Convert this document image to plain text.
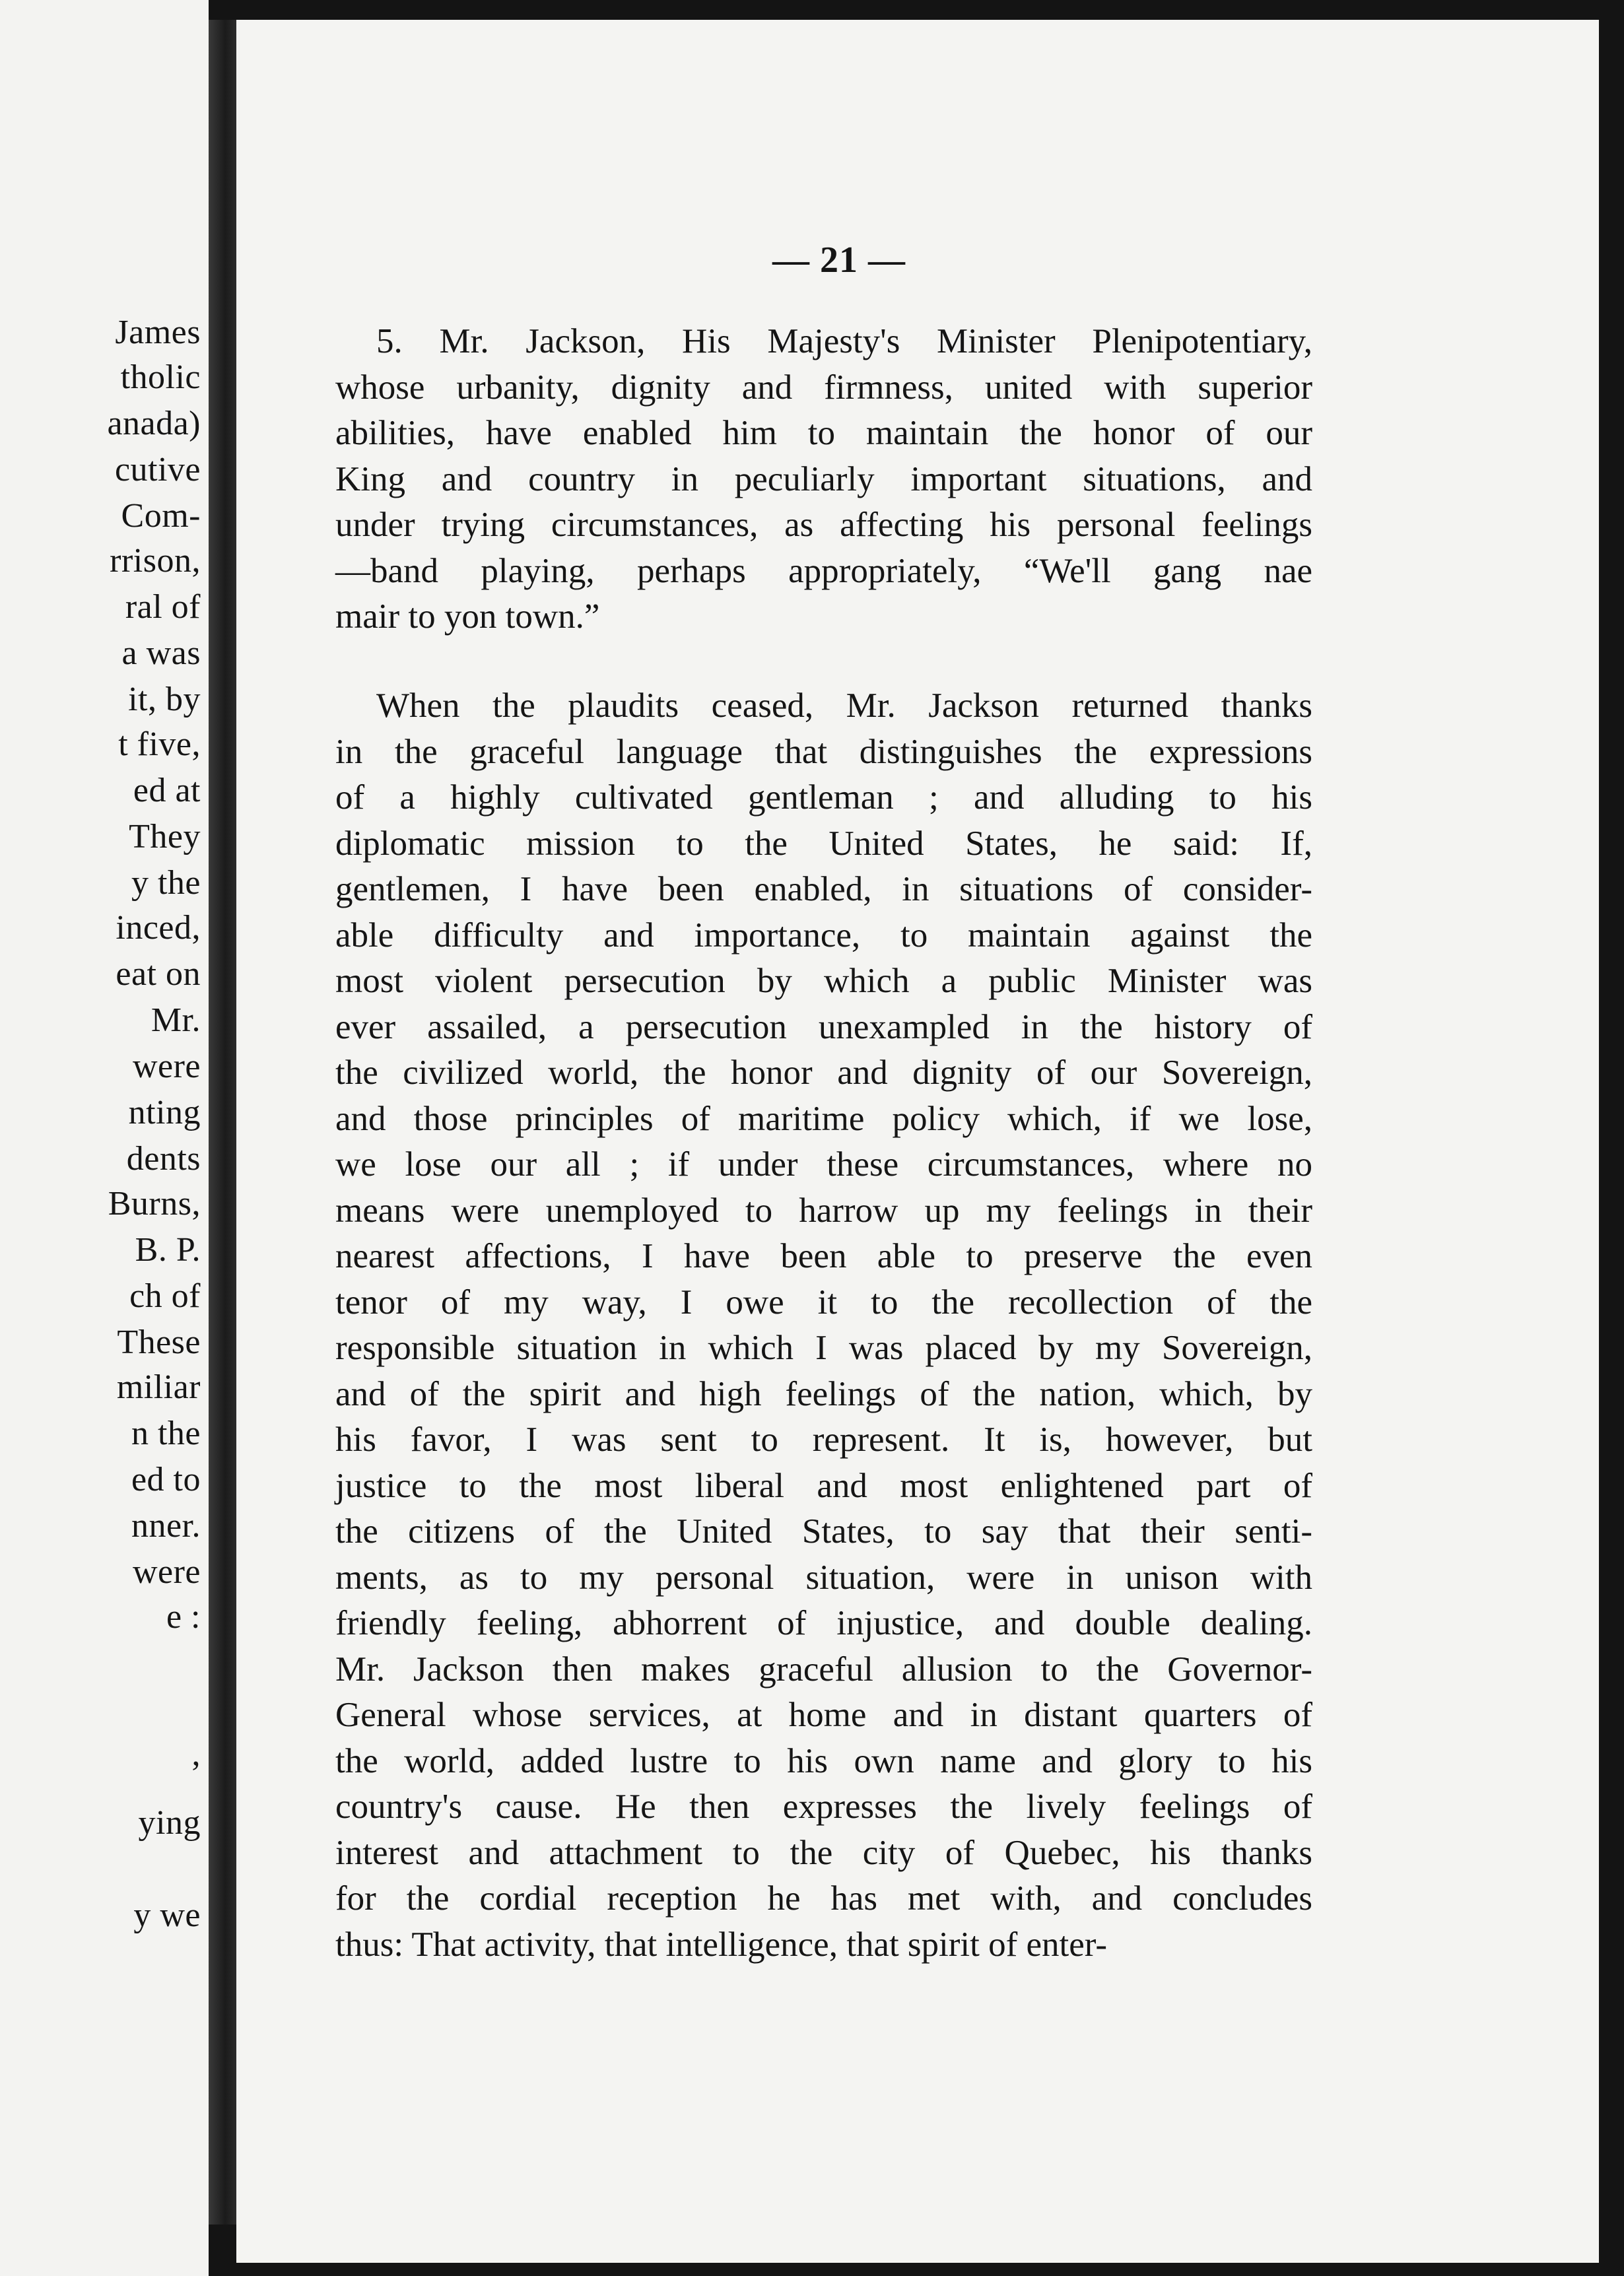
James
tholic
anada)
cutive
Com-
rrison,
ral of
a was
it, by
t five,
ed at
They
y the
inced,
eat on
Mr.
were
nting
dents
Burns,
B. P.
ch of
These
miliar
n the
ed to
nner.
were
e :
,
ying
y we
— 21 —
5. Mr. Jackson, His Majesty's Minister Plenipotentiary,
whose urbanity, dignity and firmness, united with superior
abilities, have enabled him to maintain the honor of our
King and country in peculiarly important situations, and
under trying circumstances, as affecting his personal feelings
—band playing, perhaps appropriately, “We'll gang nae
mair to yon town.”
When the plaudits ceased, Mr. Jackson returned thanks
in the graceful language that distinguishes the expressions
of a highly cultivated gentleman ; and alluding to his
diplomatic mission to the United States, he said: If,
gentlemen, I have been enabled, in situations of consider-
able difficulty and importance, to maintain against the
most violent persecution by which a public Minister was
ever assailed, a persecution unexampled in the history of
the civilized world, the honor and dignity of our Sovereign,
and those principles of maritime policy which, if we lose,
we lose our all ; if under these circumstances, where no
means were unemployed to harrow up my feelings in their
nearest affections, I have been able to preserve the even
tenor of my way, I owe it to the recollection of the
responsible situation in which I was placed by my Sovereign,
and of the spirit and high feelings of the nation, which, by
his favor, I was sent to represent. It is, however, but
justice to the most liberal and most enlightened part of
the citizens of the United States, to say that their senti-
ments, as to my personal situation, were in unison with
friendly feeling, abhorrent of injustice, and double dealing.
Mr. Jackson then makes graceful allusion to the Governor-
General whose services, at home and in distant quarters of
the world, added lustre to his own name and glory to his
country's cause. He then expresses the lively feelings of
interest and attachment to the city of Quebec, his thanks
for the cordial reception he has met with, and concludes
thus: That activity, that intelligence, that spirit of enter-
